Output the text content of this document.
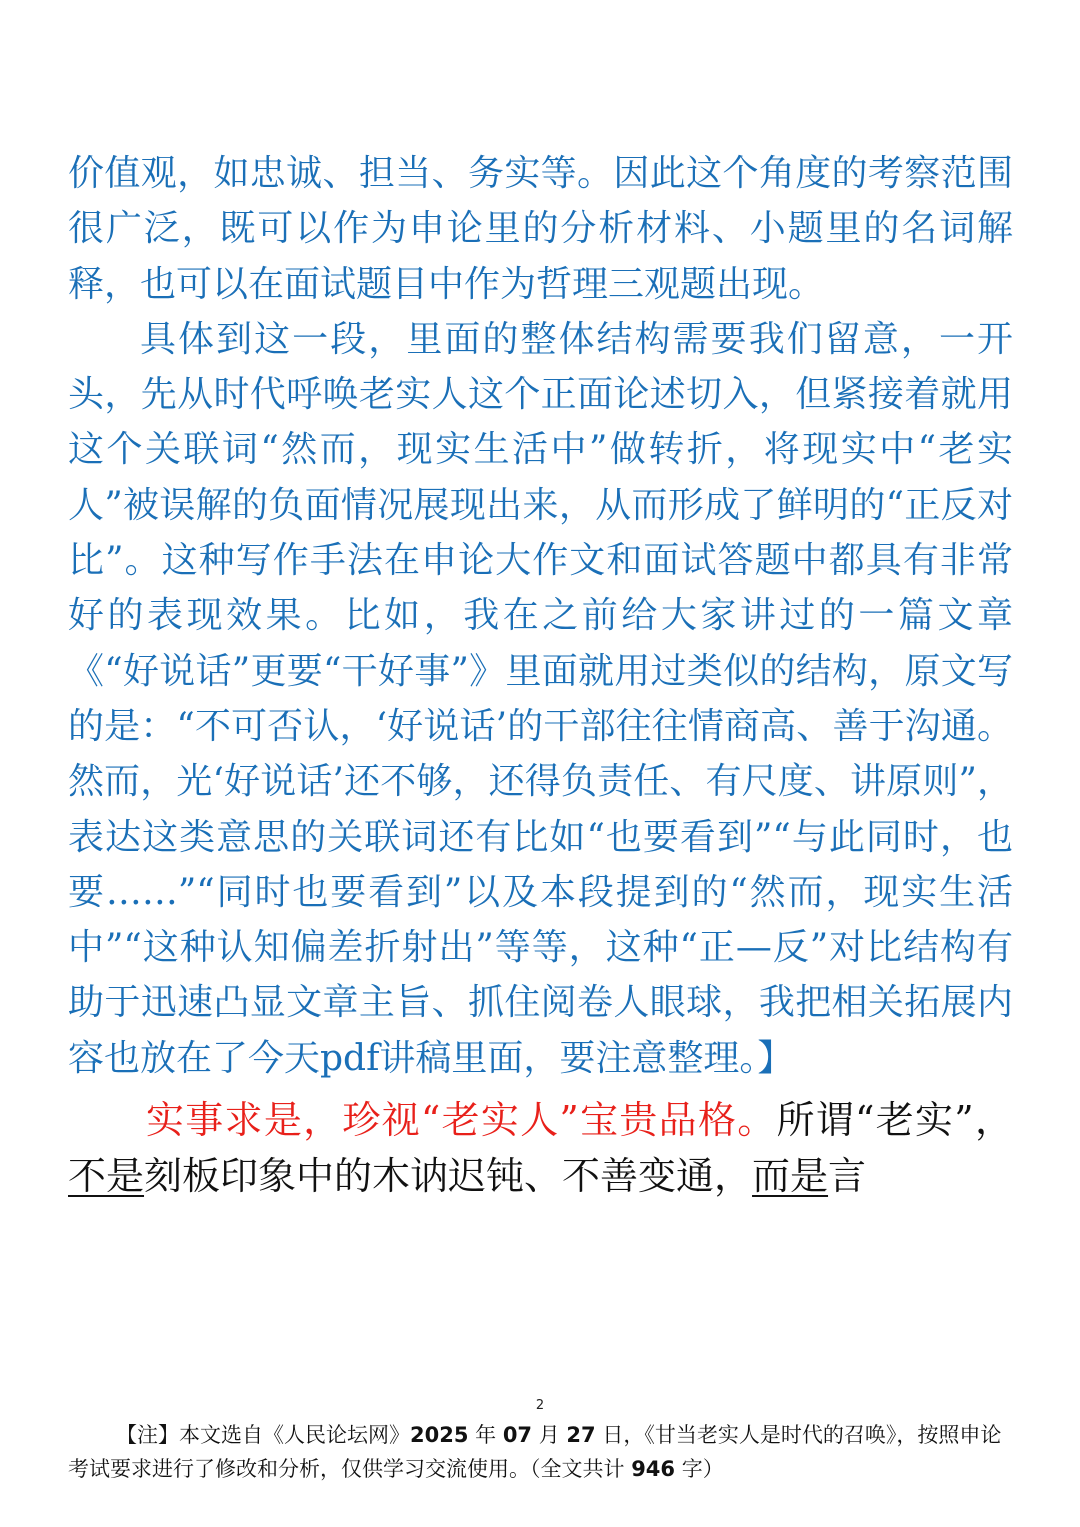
价值观，如忠诚、担当、务实等。因此这个角度的考察范围很广泛，既可以作为申论里的分析材料、小题里的名词解释，也可以在面试题目中作为哲理三观题出现。

具体到这一段，里面的整体结构需要我们留意，一开头，先从时代呼唤老实人这个正面论述切入，但紧接着就用这个关联词“然而，现实生活中”做转折，将现实中“老实人”被误解的负面情况展现出来，从而形成了鲜明的“正反对比”。这种写作手法在申论大作文和面试答题中都具有非常好的表现效果。比如，我在之前给大家讲过的一篇文章《“好说话”更要“干好事”》里面就用过类似的结构，原文写的是：“不可否认，‘好说话’的干部往往情商高、善于沟通。然而，光‘好说话’还不够，还得负责任、有尺度、讲原则”，表达这类意思的关联词还有比如“也要看到”“与此同时，也要……”“同时也要看到”以及本段提到的“然而，现实生活中”“这种认知偏差折射出”等等，这种“正—反”对比结构有助于迅速凸显文章主旨、抓住阅卷人眼球，我把相关拓展内容也放在了今天pdf讲稿里面，要注意整理。】

实事求是，珍视“老实人”宝贵品格。所谓“老实”，不是刻板印象中的木讷迟钝、不善变通，而是言

2
【注】本文选自《人民论坛网》2025 年 07 月 27 日，《甘当老实人是时代的召唤》，按照申论考试要求进行了修改和分析，仅供学习交流使用。（全文共计 946 字）
